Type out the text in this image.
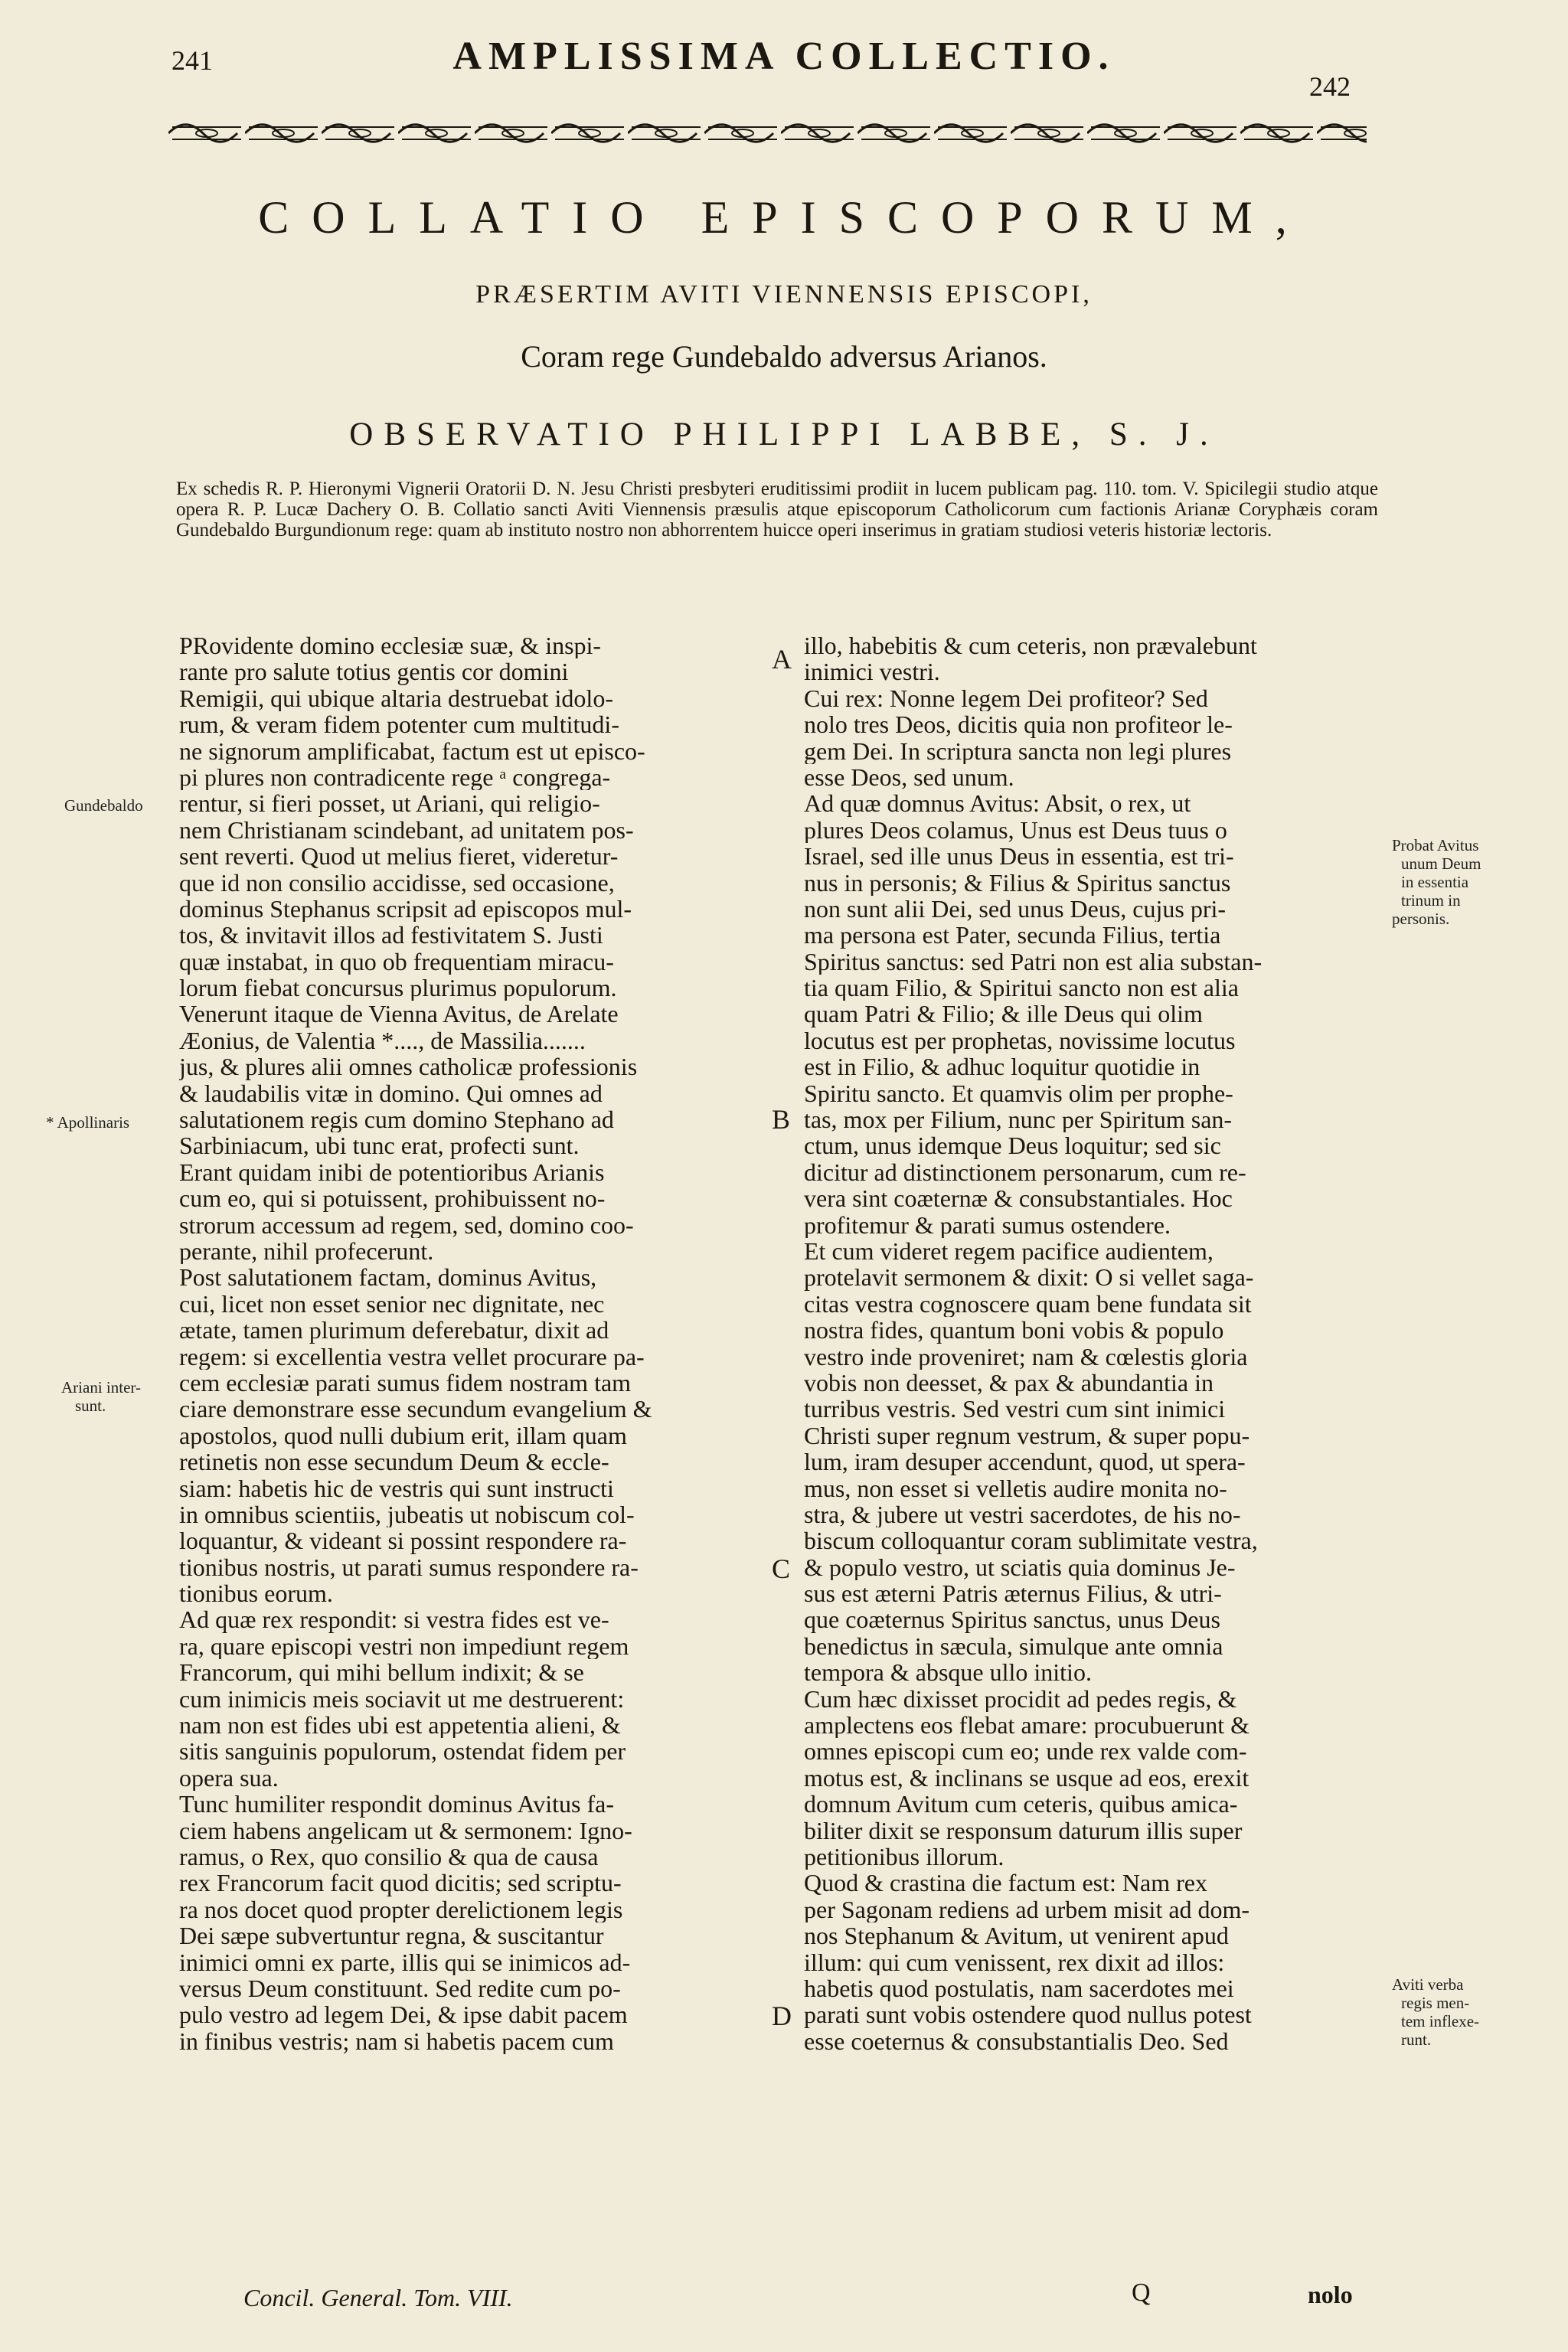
241	AMPLISSIMA COLLECTIO.
242
COLLATIO EPISCOPORUM,
PRÆSERTIM AVITI VIENNENSIS EPISCOPI,
Coram rege Gundebaldo adversus Arianos.
OBSERVATIO PHILIPPI LABBE, S. J.
Ex schedis R. P. Hieronymi Vignerii Oratorii D. N. Jesu Christi presbyteri eruditissimi prodiit in lucem publicam pag. 110. tom. V. Spicilegii studio atque opera R. P. Lucæ Dachery O. B. Collatio sancti Aviti Viennensis præsulis atque episcoporum Catholicorum cum factionis Arianæ Coryphæis coram Gundebaldo Burgundionum rege: quam ab instituto nostro non abhorrentem huicce operi inserimus in gratiam studiosi veteris historiæ lectoris.
PRovidente domino ecclesiæ suæ, & inspi-
rante pro salute totius gentis cor domini
Remigii, qui ubique altaria destruebat idolo-
rum, & veram fidem potenter cum multitudi-
ne signorum amplificabat, factum est ut episco-
pi plures non contradicente rege ᵃ congrega-
rentur, si fieri posset, ut Ariani, qui religio-
nem Christianam scindebant, ad unitatem pos-
sent reverti. Quod ut melius fieret, videretur-
que id non consilio accidisse, sed occasione,
dominus Stephanus scripsit ad episcopos mul-
tos, & invitavit illos ad festivitatem S. Justi
quæ instabat, in quo ob frequentiam miracu-
lorum fiebat concursus plurimus populorum.
Venerunt itaque de Vienna Avitus, de Arelate
Æonius, de Valentia *...., de Massilia.......
jus, & plures alii omnes catholicæ professionis
& laudabilis vitæ in domino. Qui omnes ad
salutationem regis cum domino Stephano ad
Sarbiniacum, ubi tunc erat, profecti sunt.
Erant quidam inibi de potentioribus Arianis
cum eo, qui si potuissent, prohibuissent no-
strorum accessum ad regem, sed, domino coo-
perante, nihil profecerunt.
Post salutationem factam, dominus Avitus,
cui, licet non esset senior nec dignitate, nec
ætate, tamen plurimum deferebatur, dixit ad
regem: si excellentia vestra vellet procurare pa-
cem ecclesiæ parati sumus fidem nostram tam
ciare demonstrare esse secundum evangelium &
apostolos, quod nulli dubium erit, illam quam
retinetis non esse secundum Deum & eccle-
siam: habetis hic de vestris qui sunt instructi
in omnibus scientiis, jubeatis ut nobiscum col-
loquantur, & videant si possint respondere ra-
tionibus nostris, ut parati sumus respondere ra-
tionibus eorum.
Ad quæ rex respondit: si vestra fides est ve-
ra, quare episcopi vestri non impediunt regem
Francorum, qui mihi bellum indixit; & se
cum inimicis meis sociavit ut me destruerent:
nam non est fides ubi est appetentia alieni, &
sitis sanguinis populorum, ostendat fidem per
opera sua.
Tunc humiliter respondit dominus Avitus fa-
ciem habens angelicam ut & sermonem: Igno-
ramus, o Rex, quo consilio & qua de causa
rex Francorum facit quod dicitis; sed scriptu-
ra nos docet quod propter derelictionem legis
Dei sæpe subvertuntur regna, & suscitantur
inimici omni ex parte, illis qui se inimicos ad-
versus Deum constituunt. Sed redite cum po-
pulo vestro ad legem Dei, & ipse dabit pacem
in finibus vestris; nam si habetis pacem cum
illo, habebitis & cum ceteris, non prævalebunt
inimici vestri.
Cui rex: Nonne legem Dei profiteor? Sed
nolo tres Deos, dicitis quia non profiteor le-
gem Dei. In scriptura sancta non legi plures
esse Deos, sed unum.
Ad quæ domnus Avitus: Absit, o rex, ut
plures Deos colamus, Unus est Deus tuus o
Israel, sed ille unus Deus in essentia, est tri-
nus in personis; & Filius & Spiritus sanctus
non sunt alii Dei, sed unus Deus, cujus pri-
ma persona est Pater, secunda Filius, tertia
Spiritus sanctus: sed Patri non est alia substan-
tia quam Filio, & Spiritui sancto non est alia
quam Patri & Filio; & ille Deus qui olim
locutus est per prophetas, novissime locutus
est in Filio, & adhuc loquitur quotidie in
Spiritu sancto. Et quamvis olim per prophe-
tas, mox per Filium, nunc per Spiritum san-
ctum, unus idemque Deus loquitur; sed sic
dicitur ad distinctionem personarum, cum re-
vera sint coæternæ & consubstantiales. Hoc
profitemur & parati sumus ostendere.
Et cum videret regem pacifice audientem,
protelavit sermonem & dixit: O si vellet saga-
citas vestra cognoscere quam bene fundata sit
nostra fides, quantum boni vobis & populo
vestro inde proveniret; nam & cœlestis gloria
vobis non deesset, & pax & abundantia in
turribus vestris. Sed vestri cum sint inimici
Christi super regnum vestrum, & super popu-
lum, iram desuper accendunt, quod, ut spera-
mus, non esset si velletis audire monita no-
stra, & jubere ut vestri sacerdotes, de his no-
biscum colloquantur coram sublimitate vestra,
& populo vestro, ut sciatis quia dominus Je-
sus est æterni Patris æternus Filius, & utri-
que coæternus Spiritus sanctus, unus Deus
benedictus in sæcula, simulque ante omnia
tempora & absque ullo initio.
Cum hæc dixisset procidit ad pedes regis, &
amplectens eos flebat amare: procubuerunt &
omnes episcopi cum eo; unde rex valde com-
motus est, & inclinans se usque ad eos, erexit
domnum Avitum cum ceteris, quibus amica-
biliter dixit se responsum daturum illis super
petitionibus illorum.
Quod & crastina die factum est: Nam rex
per Sagonam rediens ad urbem misit ad dom-
nos Stephanum & Avitum, ut venirent apud
illum: qui cum venissent, rex dixit ad illos:
habetis quod postulatis, nam sacerdotes mei
parati sunt vobis ostendere quod nullus potest
esse coeternus & consubstantialis Deo. Sed
Gundebaldo
* Apollinaris
Ariani inter-
sunt.
Probat Avitus
unum Deum
in essentia
trinum in
personis.
Aviti verba
regis men-
tem inflexe-
runt.
A
B
C
D
Concil. General. Tom. VIII.	Q	nolo
